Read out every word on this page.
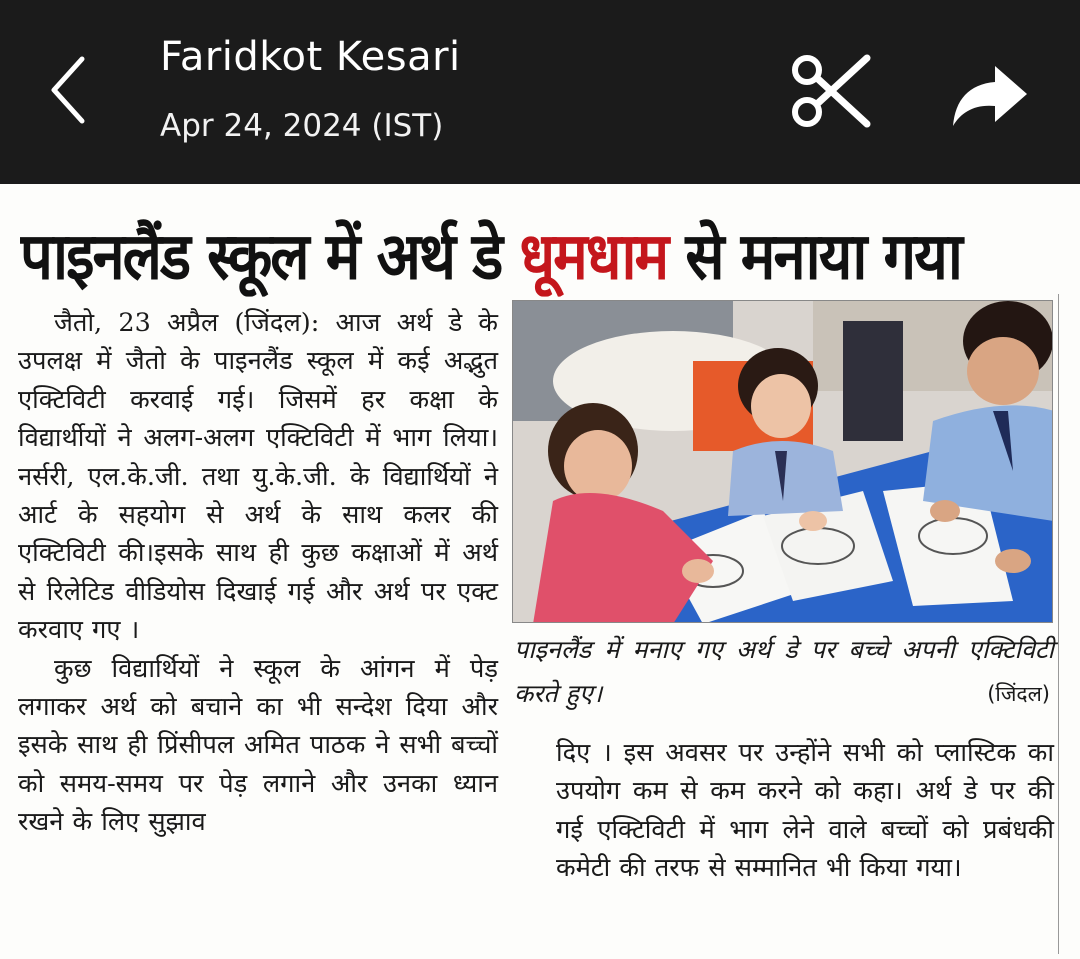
Faridkot Kesari
Apr 24, 2024 (IST)
पाइनलैंड स्कूल में अर्थ डे धूमधाम से मनाया गया

जैतो, 23 अप्रैल (जिंदल): आज अर्थ डे के उपलक्ष में जैतो के पाइनलैंड स्कूल में कई अद्भुत एक्टिविटी करवाई गई। जिसमें हर कक्षा के विद्यार्थीयों ने अलग-अलग एक्टिविटी में भाग लिया। नर्सरी, एल.के.जी. तथा यु.के.जी. के विद्यार्थियों ने आर्ट के सहयोग से अर्थ के साथ कलर की एक्टिविटी की।इसके साथ ही कुछ कक्षाओं में अर्थ से रिलेटिड वीडियोस दिखाई गई और अर्थ पर एक्ट करवाए गए ।

कुछ विद्यार्थियों ने स्कूल के आंगन में पेड़ लगाकर अर्थ को बचाने का भी सन्देश दिया और इसके साथ ही प्रिंसीपल अमित पाठक ने सभी बच्चों को समय-समय पर पेड़ लगाने और उनका ध्यान रखने के लिए सुझाव

पाइनलैंड में मनाए गए अर्थ डे पर बच्चे अपनी एक्टिविटी करते हुए।	(जिंदल)

दिए । इस अवसर पर उन्होंने सभी को प्लास्टिक का उपयोग कम से कम करने को कहा। अर्थ डे पर की गई एक्टिविटी में भाग लेने वाले बच्चों को प्रबंधकी कमेटी की तरफ से सम्मानित भी किया गया।
